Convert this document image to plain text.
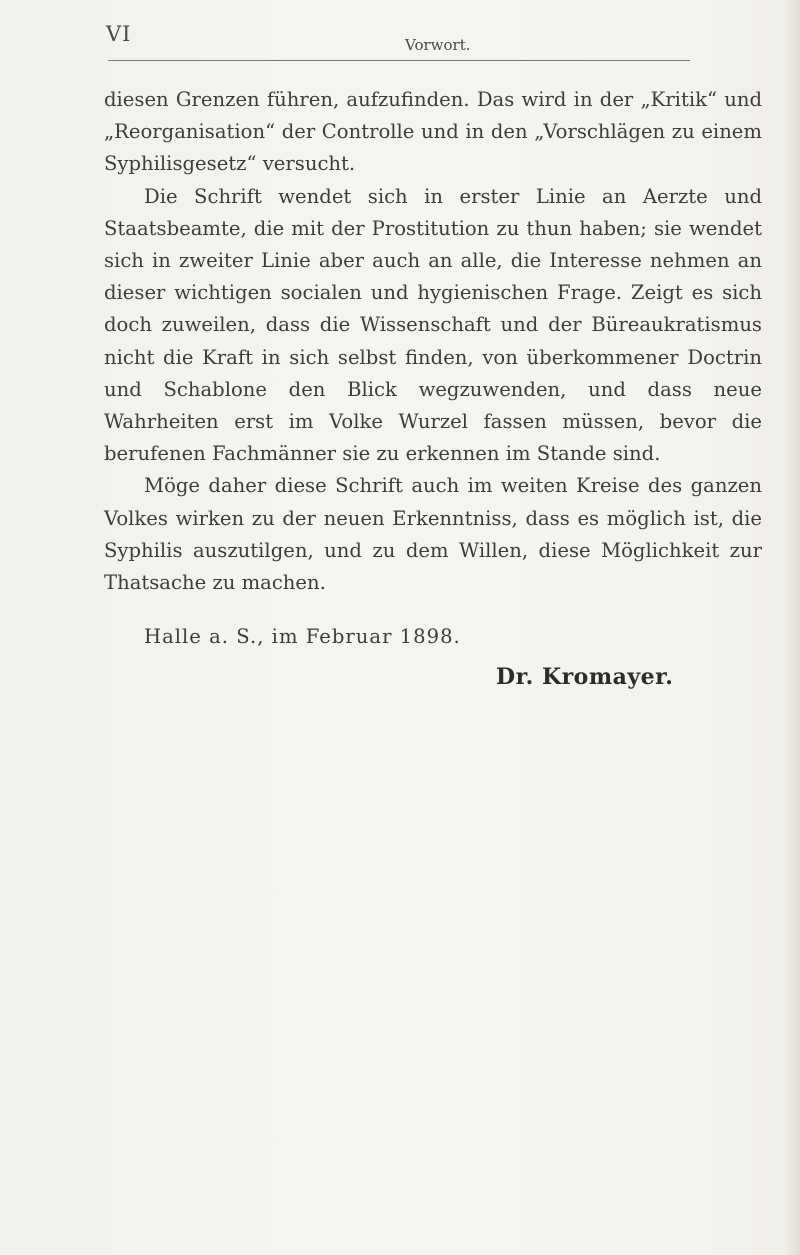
VI	Vorwort.

diesen Grenzen führen, aufzufinden. Das wird in der „Kritik“ und „Reorganisation“ der Controlle und in den „Vorschlägen zu einem Syphilisgesetz“ versucht.

Die Schrift wendet sich in erster Linie an Aerzte und Staatsbeamte, die mit der Prostitution zu thun haben; sie wendet sich in zweiter Linie aber auch an alle, die Interesse nehmen an dieser wichtigen socialen und hygienischen Frage. Zeigt es sich doch zuweilen, dass die Wissenschaft und der Büreaukratismus nicht die Kraft in sich selbst finden, von überkommener Doctrin und Schablone den Blick wegzuwenden, und dass neue Wahrheiten erst im Volke Wurzel fassen müssen, bevor die berufenen Fachmänner sie zu erkennen im Stande sind.

Möge daher diese Schrift auch im weiten Kreise des ganzen Volkes wirken zu der neuen Erkenntniss, dass es möglich ist, die Syphilis auszutilgen, und zu dem Willen, diese Möglichkeit zur Thatsache zu machen.

Halle a. S., im Februar 1898.

Dr. Kromayer.
